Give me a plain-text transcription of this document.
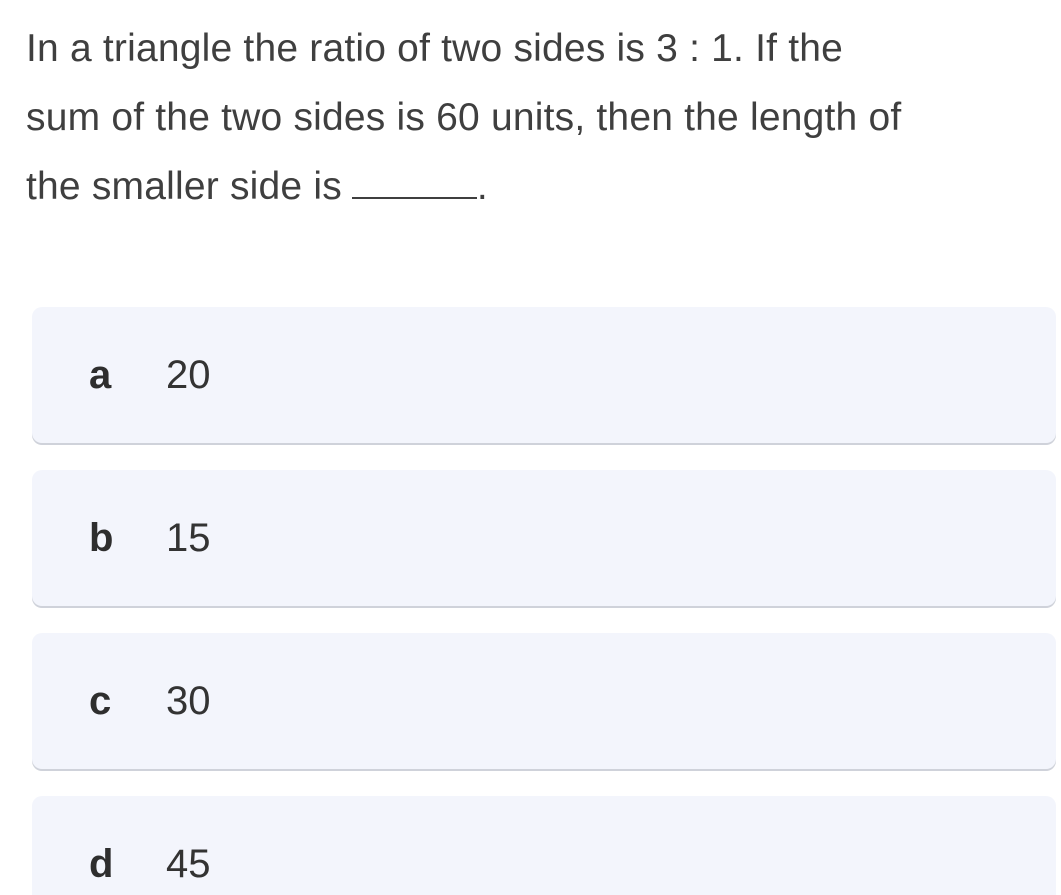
In a triangle the ratio of two sides is 3 : 1. If the
sum of the two sides is 60 units, then the length of
the smaller side is	.
a 20
b 15
c 30
d 45
